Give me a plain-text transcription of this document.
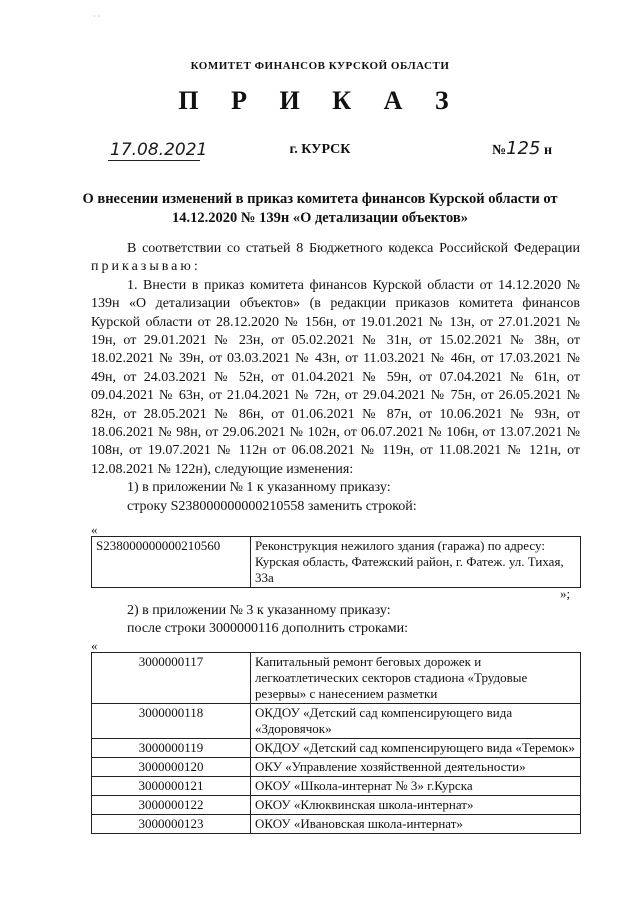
· ·
КОМИТЕТ ФИНАНСОВ КУРСКОЙ ОБЛАСТИ
П Р И К А З
17.08.2021	г. КУРСК	№125 н
О внесении изменений в приказ комитета финансов Курской области от 14.12.2020 № 139н «О детализации объектов»

В соответствии со статьей 8 Бюджетного кодекса Российской Федерации приказываю:

1. Внести в приказ комитета финансов Курской области от 14.12.2020 № 139н «О детализации объектов» (в редакции приказов комитета финансов Курской области от 28.12.2020 № 156н, от 19.01.2021 № 13н, от 27.01.2021 № 19н, от 29.01.2021 № 23н, от 05.02.2021 № 31н, от 15.02.2021 № 38н, от 18.02.2021 № 39н, от 03.03.2021 № 43н, от 11.03.2021 № 46н, от 17.03.2021 № 49н, от 24.03.2021 № 52н, от 01.04.2021 № 59н, от 07.04.2021 № 61н, от 09.04.2021 № 63н, от 21.04.2021 № 72н, от 29.04.2021 № 75н, от 26.05.2021 № 82н, от 28.05.2021 № 86н, от 01.06.2021 № 87н, от 10.06.2021 № 93н, от 18.06.2021 № 98н, от 29.06.2021 № 102н, от 06.07.2021 № 106н, от 13.07.2021 № 108н, от 19.07.2021 № 112н от 06.08.2021 № 119н, от 11.08.2021 № 121н, от 12.08.2021 № 122н), следующие изменения:

1) в приложении № 1 к указанному приказу:

строку S238000000000210558 заменить строкой:

«
S238000000000210560	Реконструкция нежилого здания (гаража) по адресу: Курская область, Фатежский район, г. Фатеж. ул. Тихая, 33а
»;
2) в приложении № 3 к указанному приказу:
после строки 3000000116 дополнить строками:
«
3000000117	Капитальный ремонт беговых дорожек и легкоатлетических секторов стадиона «Трудовые резервы» с нанесением разметки
3000000118	ОКДОУ «Детский сад компенсирующего вида «Здоровячок»
3000000119	ОКДОУ «Детский сад компенсирующего вида «Теремок»
3000000120	ОКУ «Управление хозяйственной деятельности»
3000000121	ОКОУ «Школа-интернат № 3» г.Курска
3000000122	ОКОУ «Клюквинская школа-интернат»
3000000123	ОКОУ «Ивановская школа-интернат»
